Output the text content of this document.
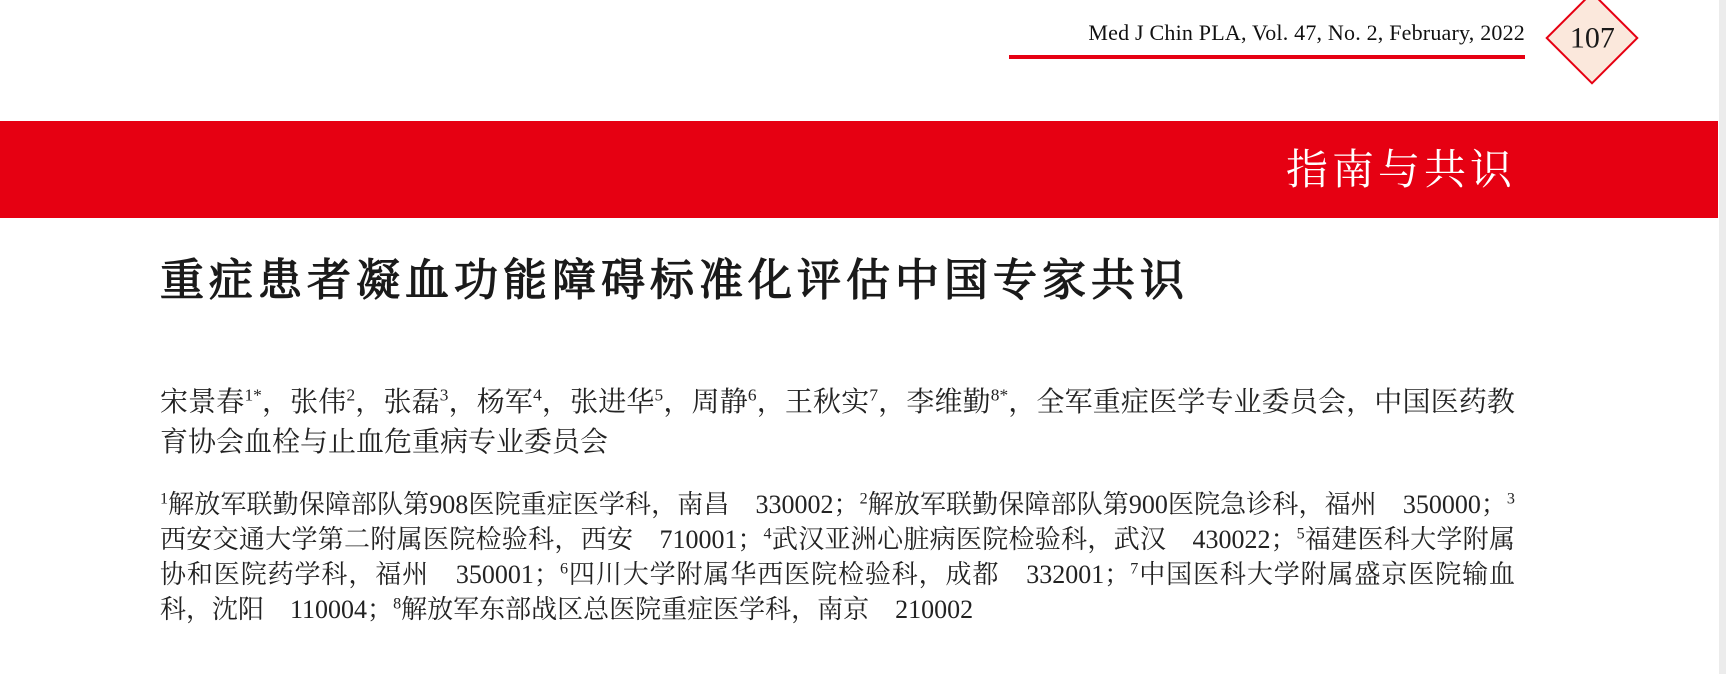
Med J Chin PLA, Vol. 47, No. 2, February, 2022 107
指南与共识
重症患者凝血功能障碍标准化评估中国专家共识

宋景春$^{1*}$，张伟$^2$，张磊$^3$，杨军$^4$，张进华$^5$，周静$^6$，王秋实$^7$，李维勤$^{8*}$，全军重症医学专业委员会，中国医药教育协会血栓与止血危重病专业委员会

$^1$解放军联勤保障部队第908医院重症医学科，南昌　330002；$^2$解放军联勤保障部队第900医院急诊科，福州　350000；$^3$西安交通大学第二附属医院检验科，西安　710001；$^4$武汉亚洲心脏病医院检验科，武汉　430022；$^5$福建医科大学附属协和医院药学科，福州　350001；$^6$四川大学附属华西医院检验科，成都　332001；$^7$中国医科大学附属盛京医院输血科，沈阳　110004；$^8$解放军东部战区总医院重症医学科，南京　210002
